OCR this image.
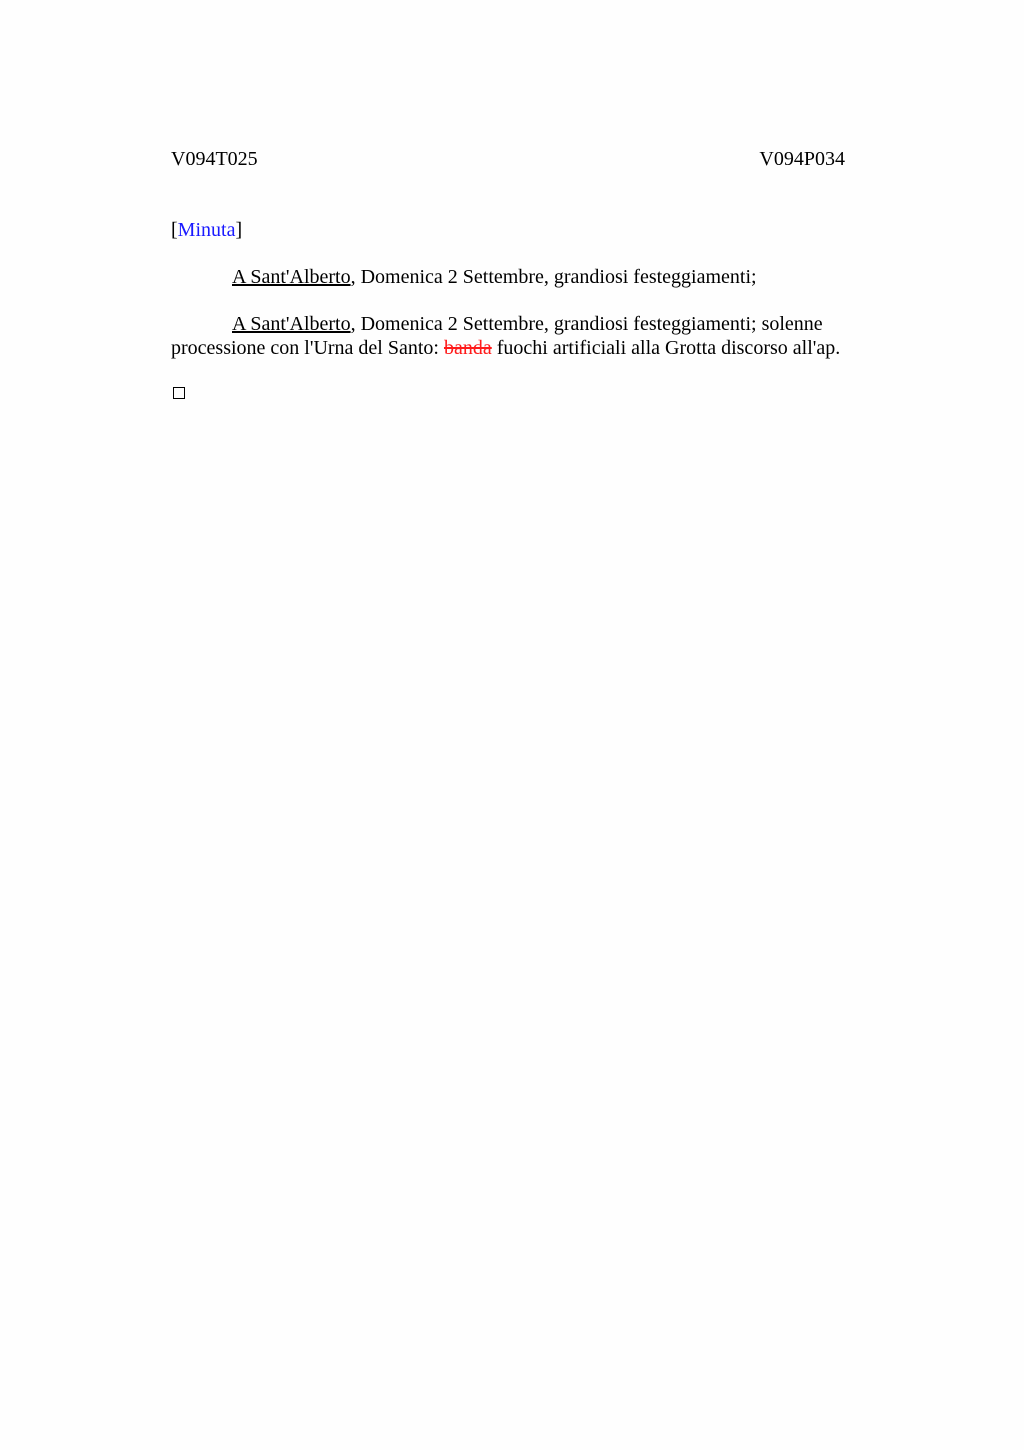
V094T025	V094P034
[Minuta]
A Sant'Alberto, Domenica 2 Settembre, grandiosi festeggiamenti;
A Sant'Alberto, Domenica 2 Settembre, grandiosi festeggiamenti; solenne
processione con l'Urna del Santo: banda fuochi artificiali alla Grotta discorso all'ap.
